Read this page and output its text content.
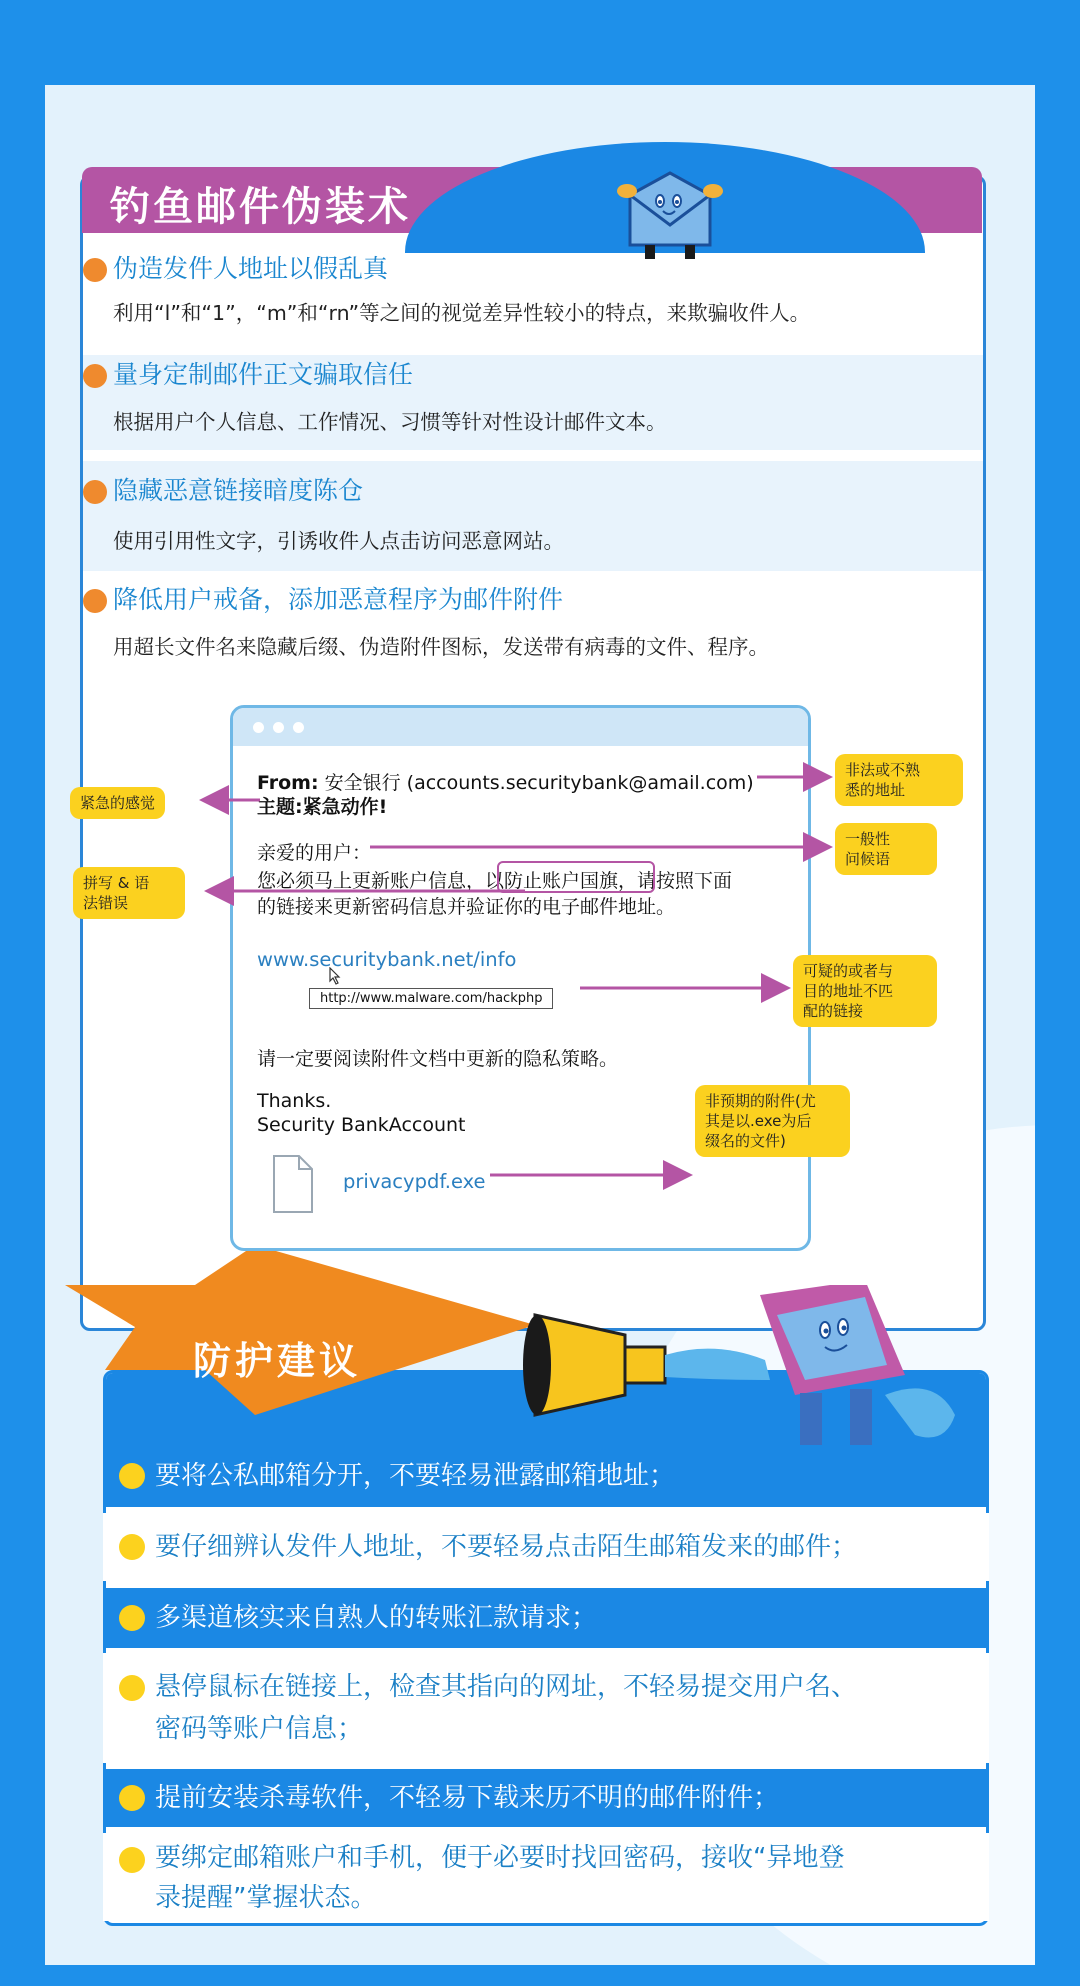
钓鱼邮件伪装术
伪造发件人地址以假乱真
利用“l”和“1”，“m”和“rn”等之间的视觉差异性较小的特点，来欺骗收件人。
量身定制邮件正文骗取信任
根据用户个人信息、工作情况、习惯等针对性设计邮件文本。
隐藏恶意链接暗度陈仓
使用引用性文字，引诱收件人点击访问恶意网站。
降低用户戒备，添加恶意程序为邮件附件
用超长文件名来隐藏后缀、伪造附件图标，发送带有病毒的文件、程序。
From: 安全银行 (accounts.securitybank@amail.com)
主题:紧急动作!
亲爱的用户：
您必须马上更新账户信息，以防止账户国旗，请按照下面
的链接来更新密码信息并验证你的电子邮件地址。
www.securitybank.net/info
http://www.malware.com/hackphp
请一定要阅读附件文档中更新的隐私策略。
Thanks.
Security BankAccount
privacypdf.exe
紧急的感觉
非法或不熟
悉的地址
一般性
问候语
拼写 & 语
法错误
可疑的或者与
目的地址不匹
配的链接
非预期的附件(尤
其是以.exe为后
缀名的文件)
防护建议
要将公私邮箱分开，不要轻易泄露邮箱地址；
要仔细辨认发件人地址，不要轻易点击陌生邮箱发来的邮件；
多渠道核实来自熟人的转账汇款请求；
悬停鼠标在链接上，检查其指向的网址，不轻易提交用户名、
密码等账户信息；
提前安装杀毒软件，不轻易下载来历不明的邮件附件；
要绑定邮箱账户和手机，便于必要时找回密码，接收“异地登
录提醒”掌握状态。
